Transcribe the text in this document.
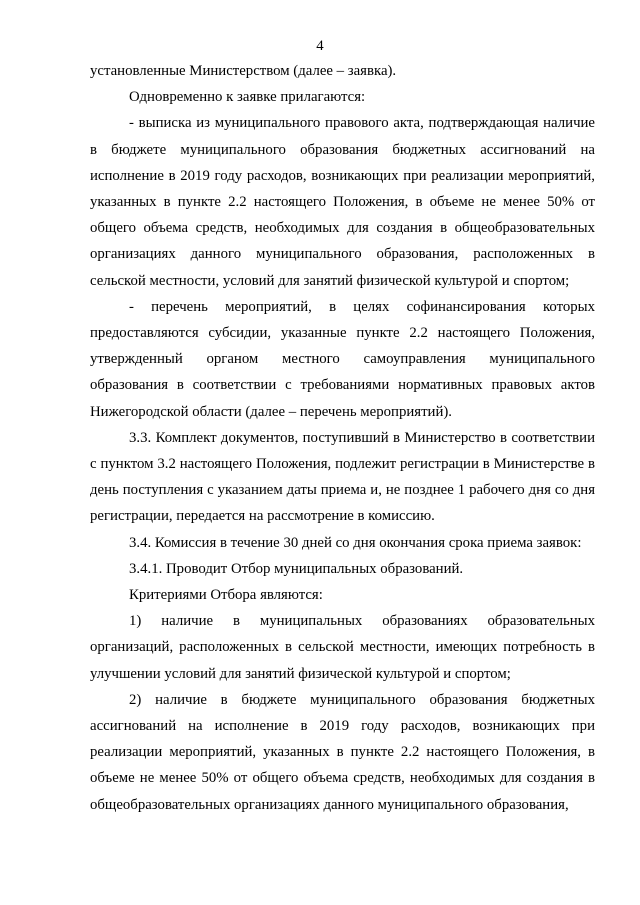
4

установленные Министерством (далее – заявка).

Одновременно к заявке прилагаются:

- выписка из муниципального правового акта, подтверждающая наличие в бюджете муниципального образования бюджетных ассигнований на исполнение в 2019 году расходов, возникающих при реализации мероприятий, указанных в пункте 2.2 настоящего Положения, в объеме не менее 50% от общего объема средств, необходимых для создания в общеобразовательных организациях данного муниципального образования, расположенных в сельской местности, условий для занятий физической культурой и спортом;

- перечень мероприятий, в целях софинансирования которых предоставляются субсидии, указанные пункте 2.2 настоящего Положения, утвержденный органом местного самоуправления муниципального образования в соответствии с требованиями нормативных правовых актов Нижегородской области (далее – перечень мероприятий).

3.3. Комплект документов, поступивший в Министерство в соответствии с пунктом 3.2 настоящего Положения, подлежит регистрации в Министерстве в день поступления с указанием даты приема и, не позднее 1 рабочего дня со дня регистрации, передается на рассмотрение в комиссию.

3.4. Комиссия в течение 30 дней со дня окончания срока приема заявок:

3.4.1. Проводит Отбор муниципальных образований.

Критериями Отбора являются:

1) наличие в муниципальных образованиях образовательных организаций, расположенных в сельской местности, имеющих потребность в улучшении условий для занятий физической культурой и спортом;

2) наличие в бюджете муниципального образования бюджетных ассигнований на исполнение в 2019 году расходов, возникающих при реализации мероприятий, указанных в пункте 2.2 настоящего Положения, в объеме не менее 50% от общего объема средств, необходимых для создания в общеобразовательных организациях данного муниципального образования,
